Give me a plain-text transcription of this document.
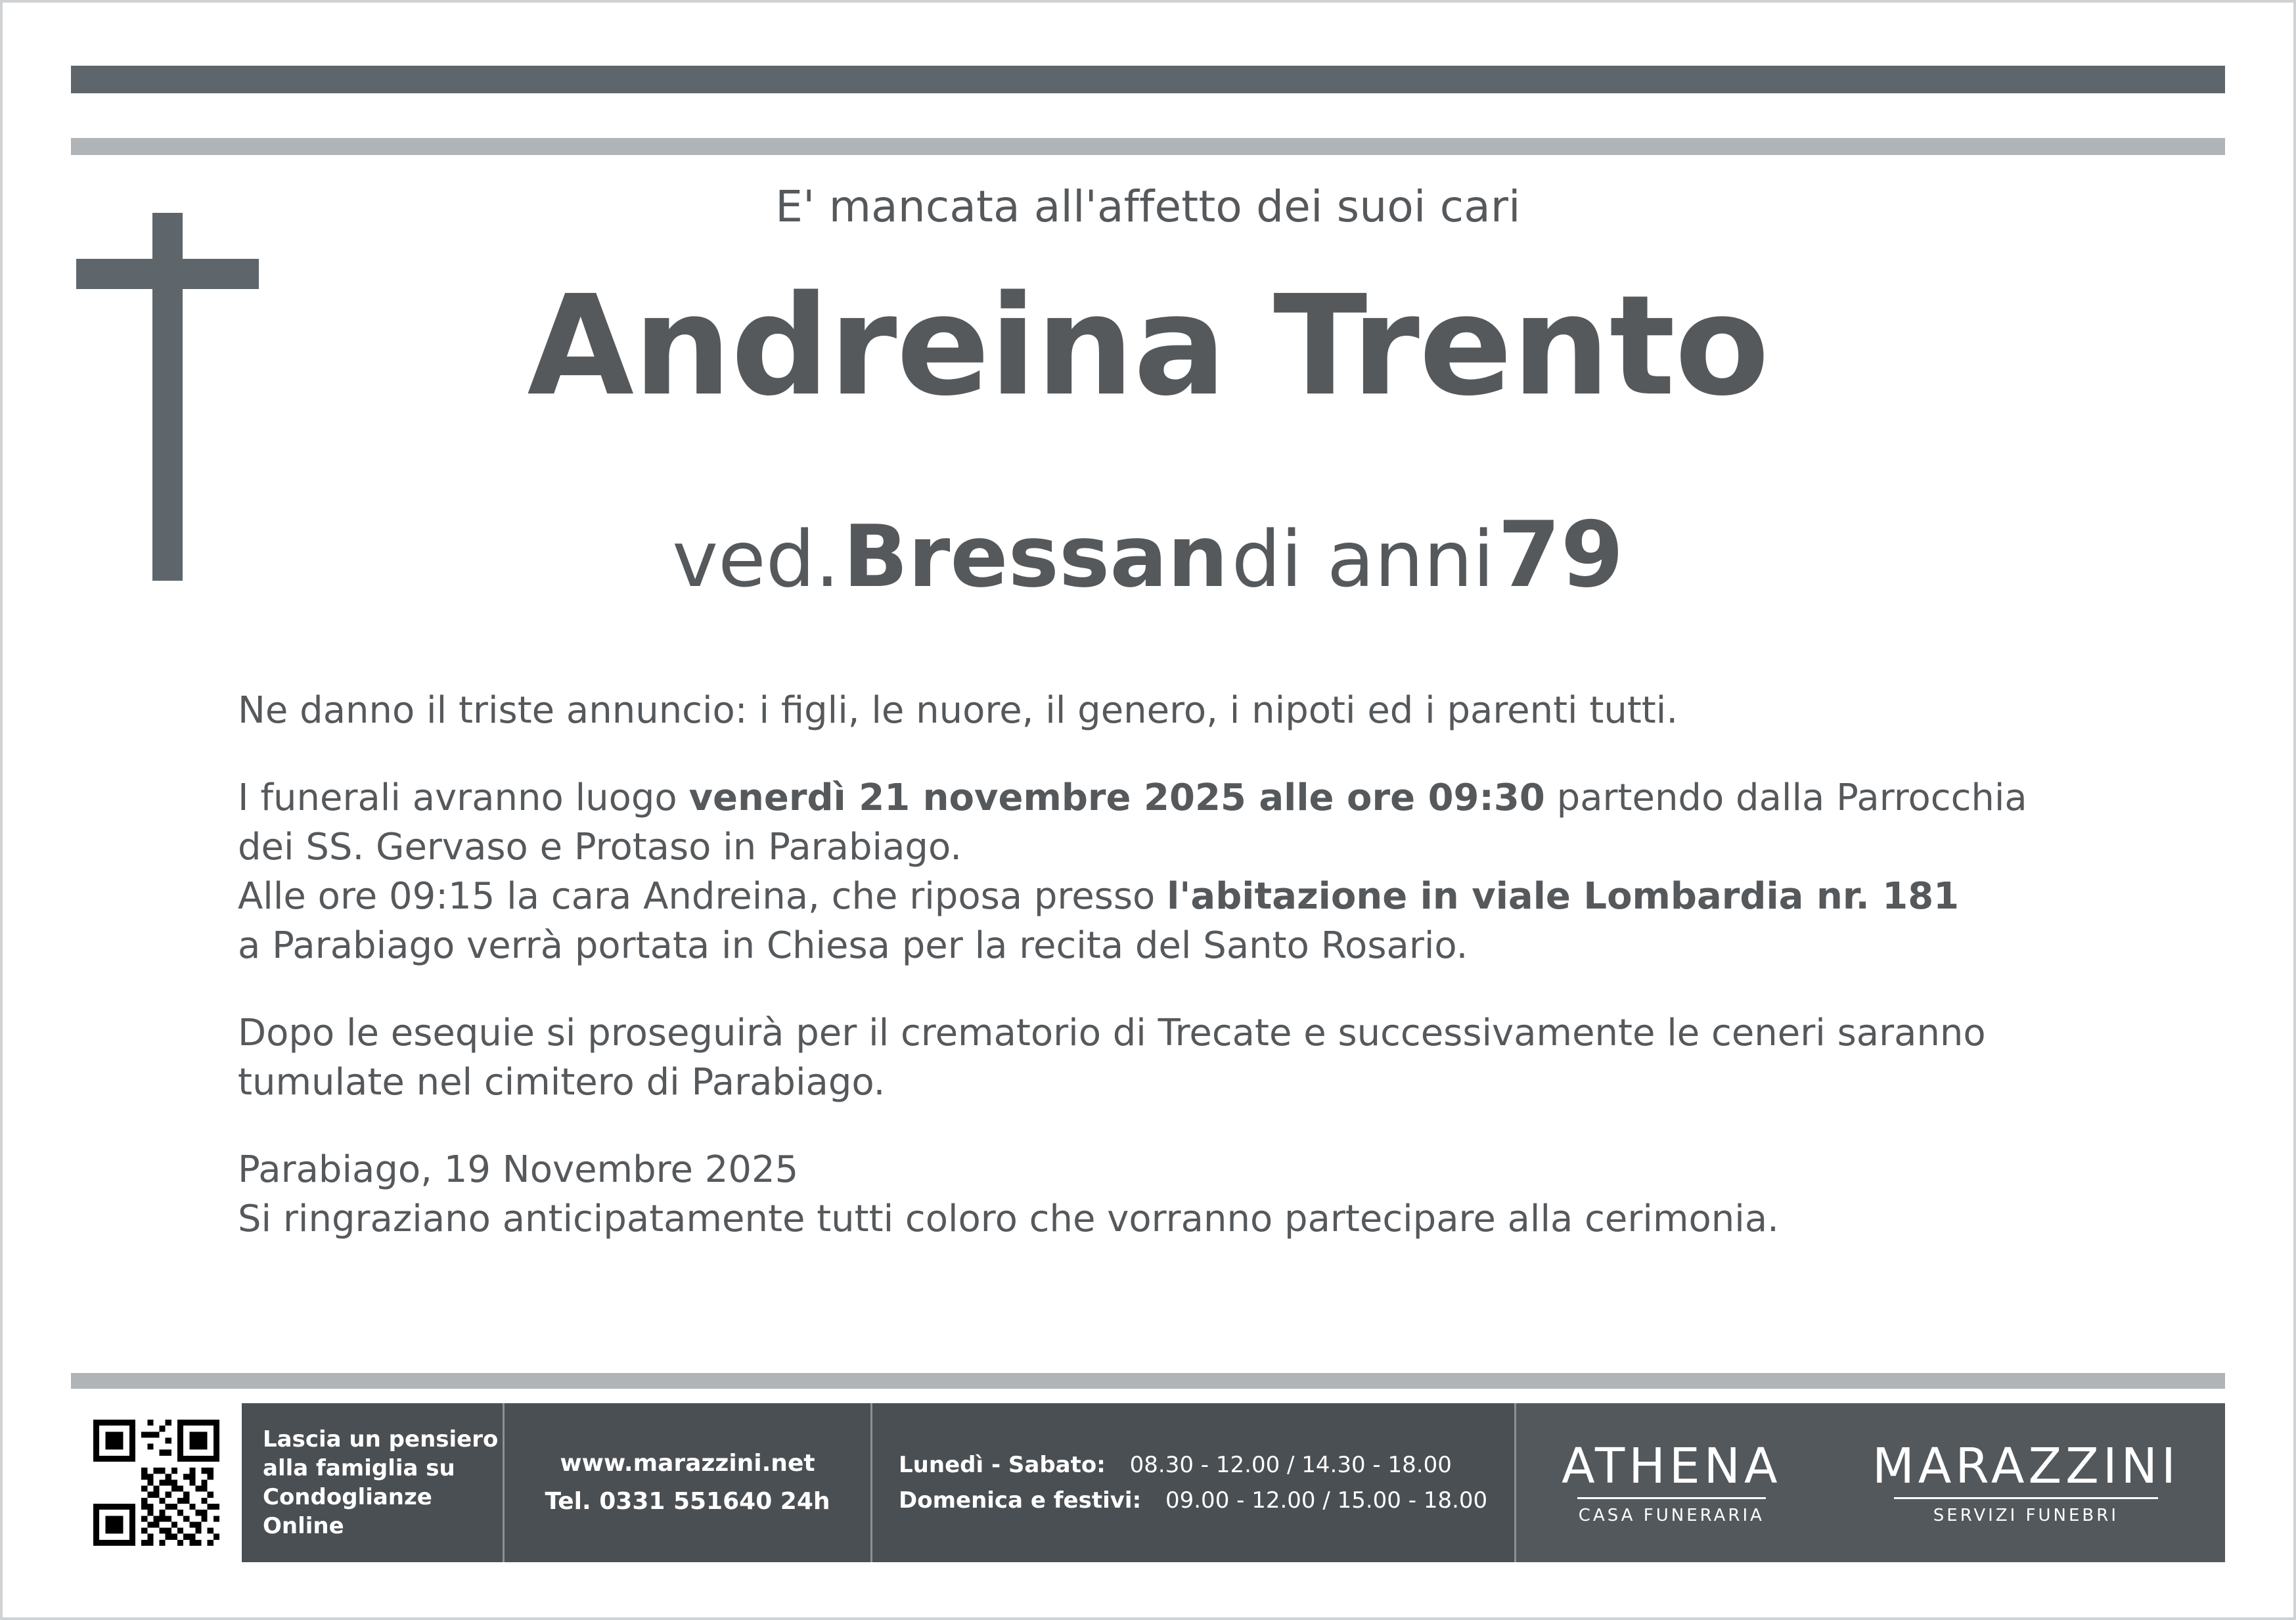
E' mancata all'affetto dei suoi cari
Andreina Trento
ved. Bressan di anni 79

Ne danno il triste annuncio: i figli, le nuore, il genero, i nipoti ed i parenti tutti.

I funerali avranno luogo venerdì 21 novembre 2025 alle ore 09:30 partendo dalla Parrocchia

dei SS. Gervaso e Protaso in Parabiago.

Alle ore 09:15 la cara Andreina, che riposa presso l'abitazione in viale Lombardia nr. 181

a Parabiago verrà portata in Chiesa per la recita del Santo Rosario.

Dopo le esequie si proseguirà per il crematorio di Trecate e successivamente le ceneri saranno

tumulate nel cimitero di Parabiago.

Parabiago, 19 Novembre 2025

Si ringraziano anticipatamente tutti coloro che vorranno partecipare alla cerimonia.

Lascia un pensiero alla famiglia su Condoglianze Online
www.marazzini.net
Tel. 0331 551640 24h
Lunedì - Sabato: 08.30 - 12.00 / 14.30 - 18.00
Domenica e festivi: 09.00 - 12.00 / 15.00 - 18.00
ATHENA
CASA FUNERARIA
MARAZZINI
SERVIZI FUNEBRI
